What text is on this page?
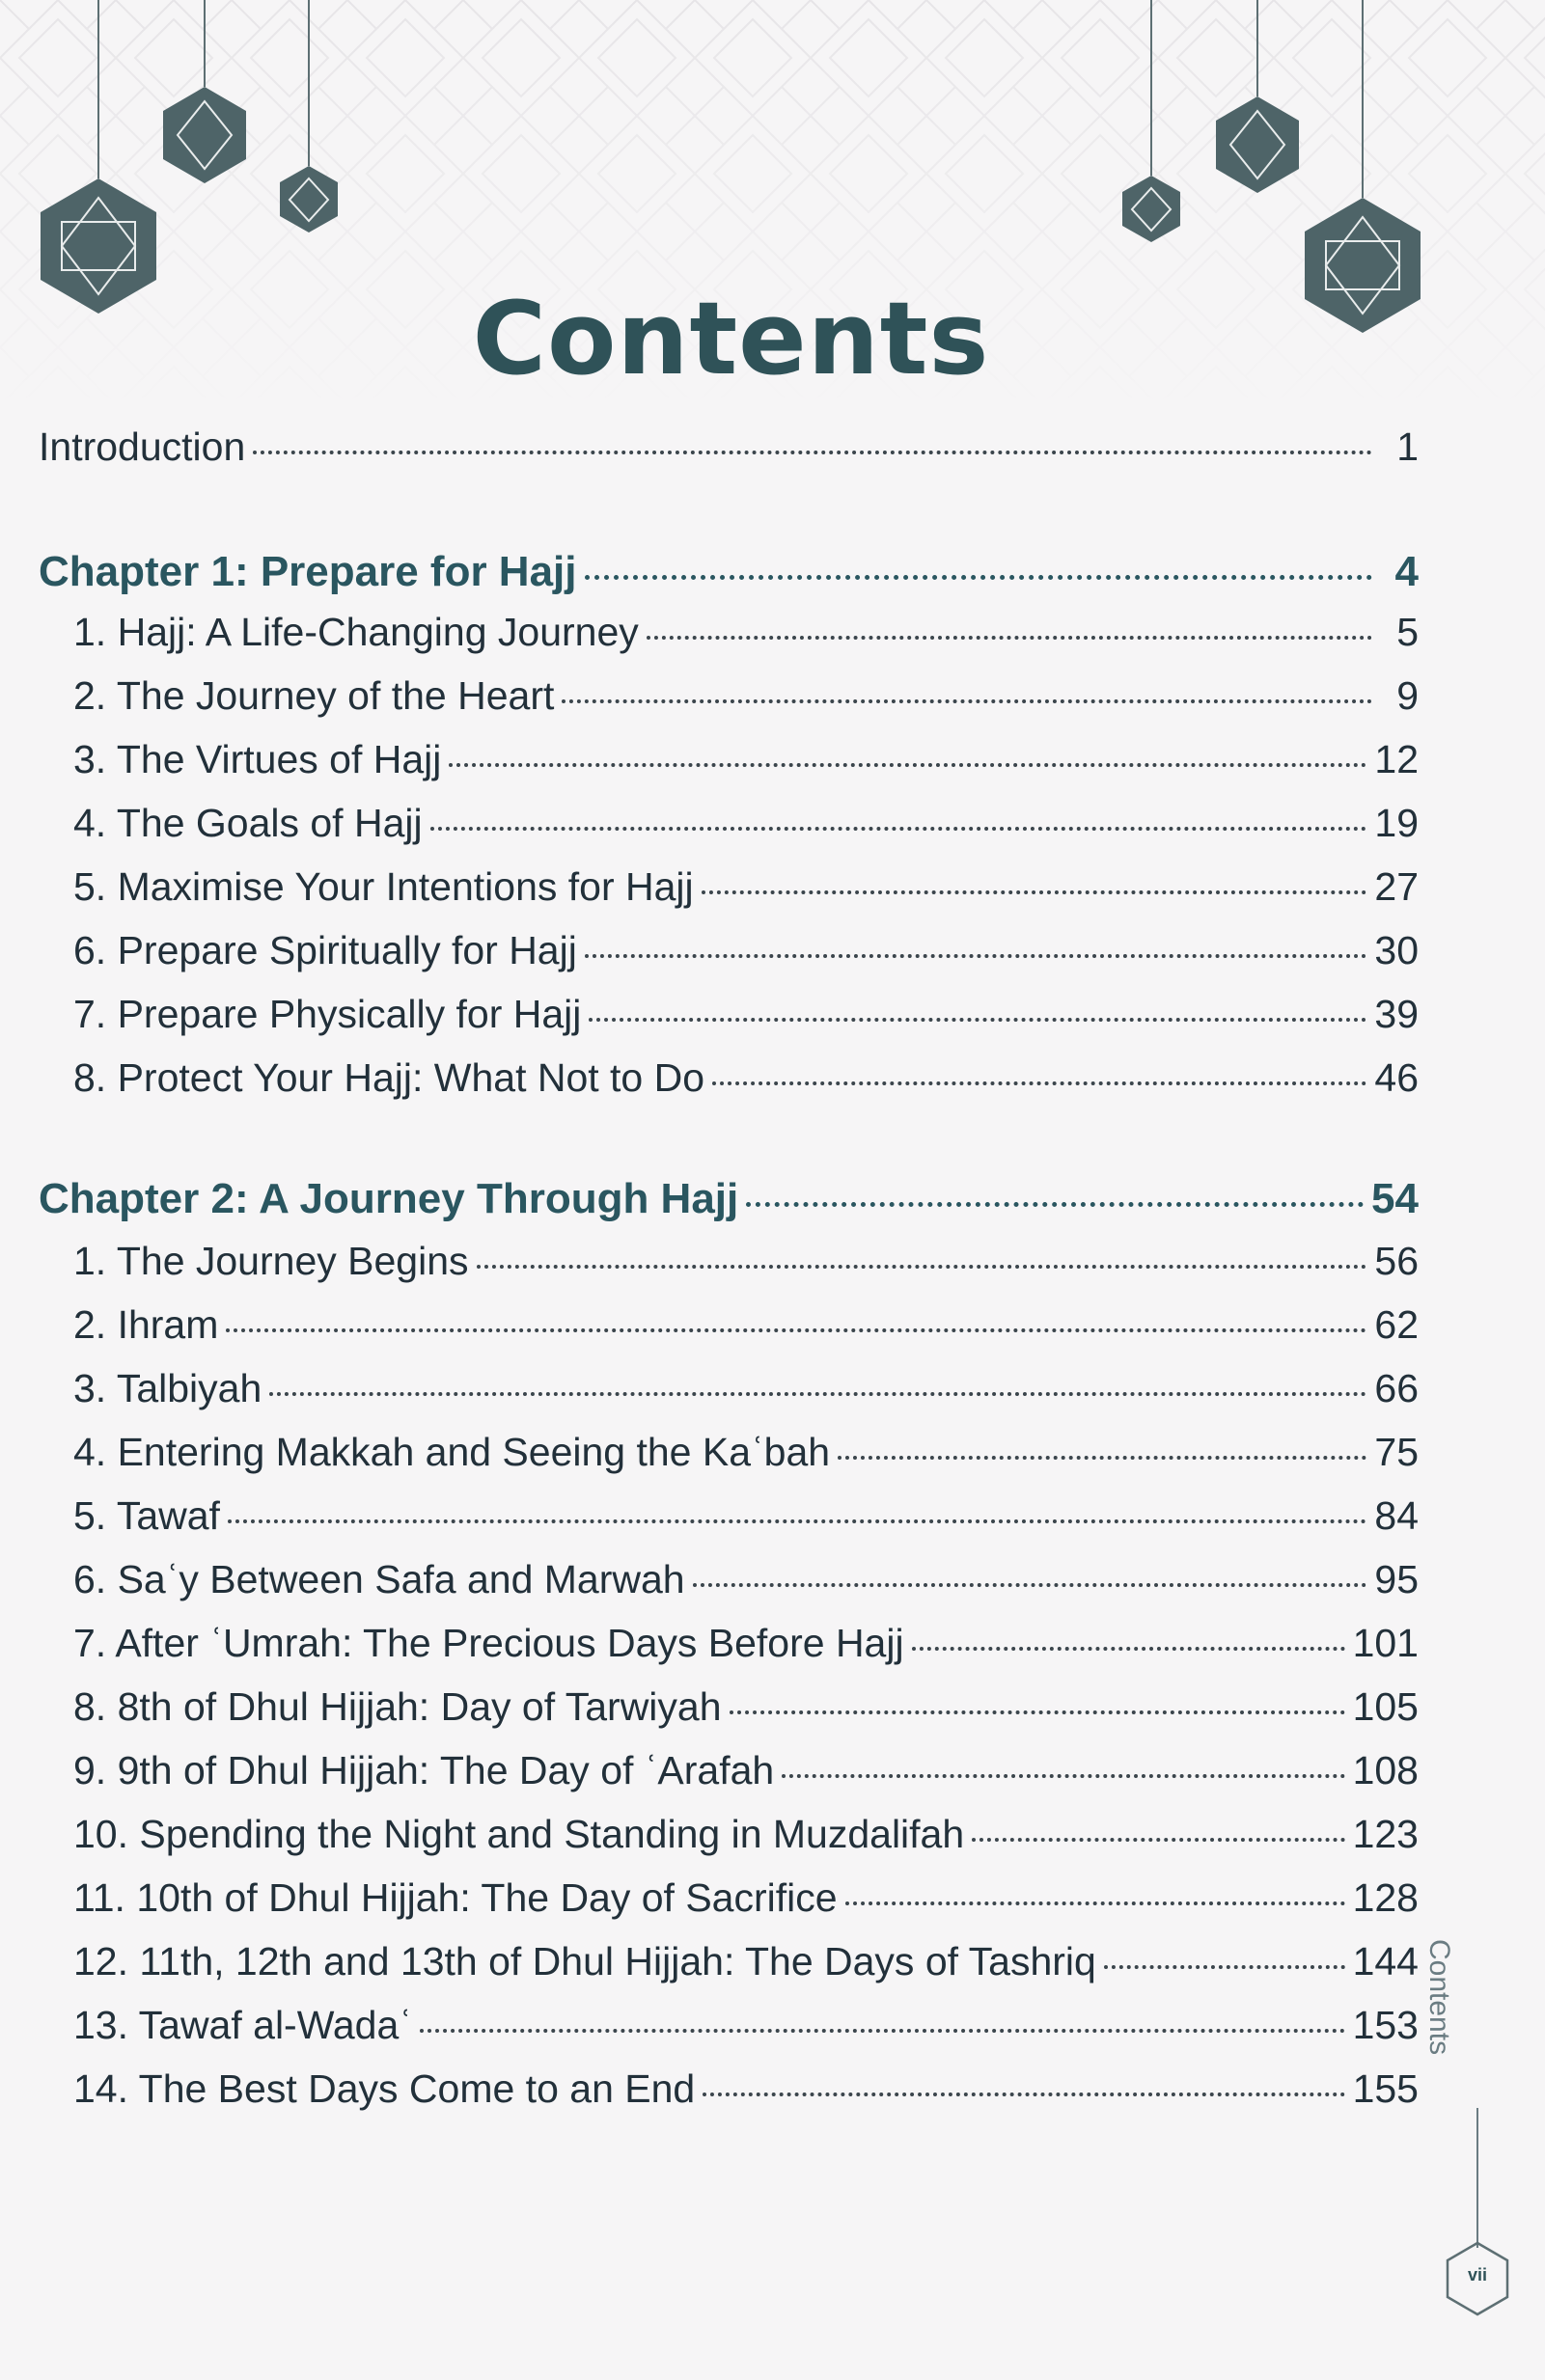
Contents
Introduction	1
Chapter 1: Prepare for Hajj	4
1. Hajj: A Life-Changing Journey	5
2. The Journey of the Heart	9
3. The Virtues of Hajj	12
4. The Goals of Hajj	19
5. Maximise Your Intentions for Hajj	27
6. Prepare Spiritually for Hajj	30
7. Prepare Physically for Hajj	39
8. Protect Your Hajj: What Not to Do	46
Chapter 2: A Journey Through Hajj	54
1. The Journey Begins	56
2. Ihram	62
3. Talbiyah	66
4. Entering Makkah and Seeing the Kaʿbah	75
5. Tawaf	84
6. Saʿy Between Safa and Marwah	95
7. After ʿUmrah: The Precious Days Before Hajj	101
8. 8th of Dhul Hijjah: Day of Tarwiyah	105
9. 9th of Dhul Hijjah: The Day of ʿArafah	108
10. Spending the Night and Standing in Muzdalifah	123
11. 10th of Dhul Hijjah: The Day of Sacrifice	128
12. 11th, 12th and 13th of Dhul Hijjah: The Days of Tashriq	144
13. Tawaf al-Wadaʿ	153
14. The Best Days Come to an End	155
Contents
vii
